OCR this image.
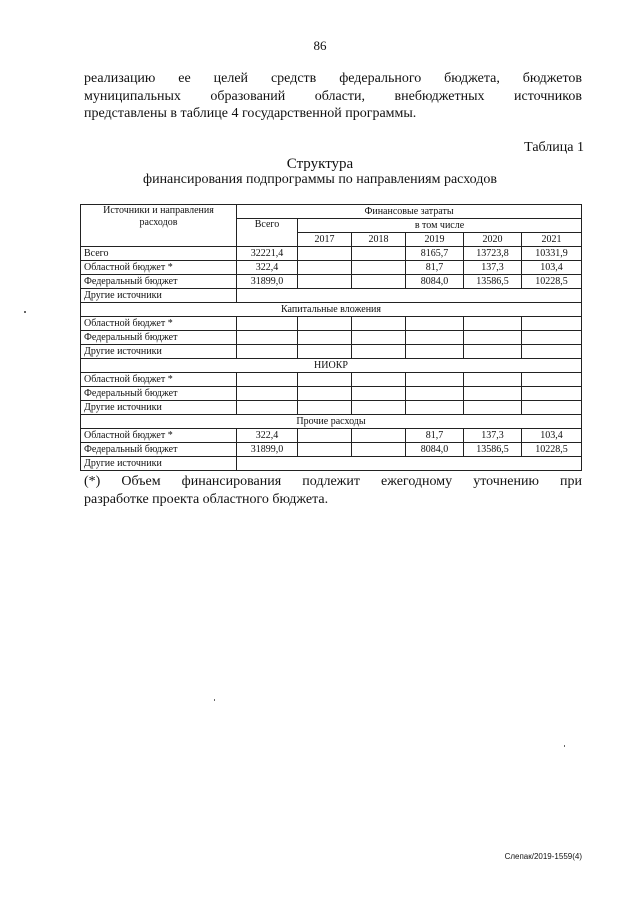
86
реализацию ее целей средств федерального бюджета, бюджетов
муниципальных образований области, внебюджетных источников
представлены в таблице 4 государственной программы.
Таблица 1
Структура
финансирования подпрограммы по направлениям расходов
Источники и направления расходов	Финансовые затраты					
	Всего	в том числе				
		2017	2018	2019	2020	2021
Всего	32221,4			8165,7	13723,8	10331,9
Областной бюджет *	322,4			81,7	137,3	103,4
Федеральный бюджет	31899,0			8084,0	13586,5	10228,5
Другие источники						
Капитальные вложения						
Областной бюджет *						
Федеральный бюджет						
Другие источники						
НИОКР						
Областной бюджет *						
Федеральный бюджет						
Другие источники						
Прочие расходы						
Областной бюджет *	322,4			81,7	137,3	103,4
Федеральный бюджет	31899,0			8084,0	13586,5	10228,5
Другие источники						
(*) Объем финансирования подлежит ежегодному уточнению при
разработке проекта областного бюджета.
Слепак/2019-1559(4)
